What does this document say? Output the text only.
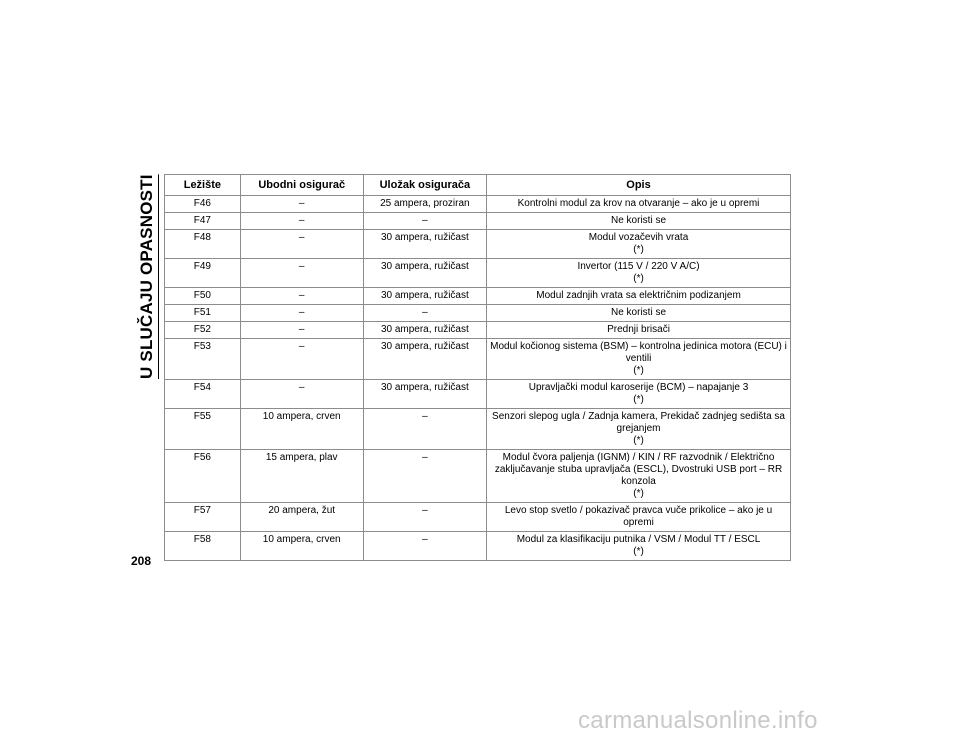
U SLUČAJU OPASNOSTI	Ležište	Ubodni osigurač	Uložak osigurača	Opis
F46	–	25 ampera, proziran	Kontrolni modul za krov na otvaranje – ako je u opremi

F47	–	–	Ne koristi se

F48	–	30 ampera, ružičast	Modul vozačevih vrata
(*)

F49	–	30 ampera, ružičast	Invertor (115 V / 220 V A/C)
(*)

F50	–	30 ampera, ružičast	Modul zadnjih vrata sa električnim podizanjem

F51	–	–	Ne koristi se

F52	–	30 ampera, ružičast	Prednji brisači

F53	–	30 ampera, ružičast	Modul kočionog sistema (BSM) – kontrolna jedinica motora (ECU) i
ventili
(*)

F54	–	30 ampera, ružičast	Upravljački modul karoserije (BCM) – napajanje 3
(*)

F55	10 ampera, crven	–	Senzori slepog ugla / Zadnja kamera, Prekidač zadnjeg sedišta sa
grejanjem
(*)

F56	15 ampera, plav	–	Modul čvora paljenja (IGNM) / KIN / RF razvodnik / Električno
zaključavanje stuba upravljača (ESCL), Dvostruki USB port – RR
konzola
(*)

F57	20 ampera, žut	–	Levo stop svetlo / pokazivač pravca vuče prikolice – ako je u
opremi

F58	10 ampera, crven	–	Modul za klasifikaciju putnika / VSM / Modul TT / ESCL
(*)
208
carmanualsonline.info
